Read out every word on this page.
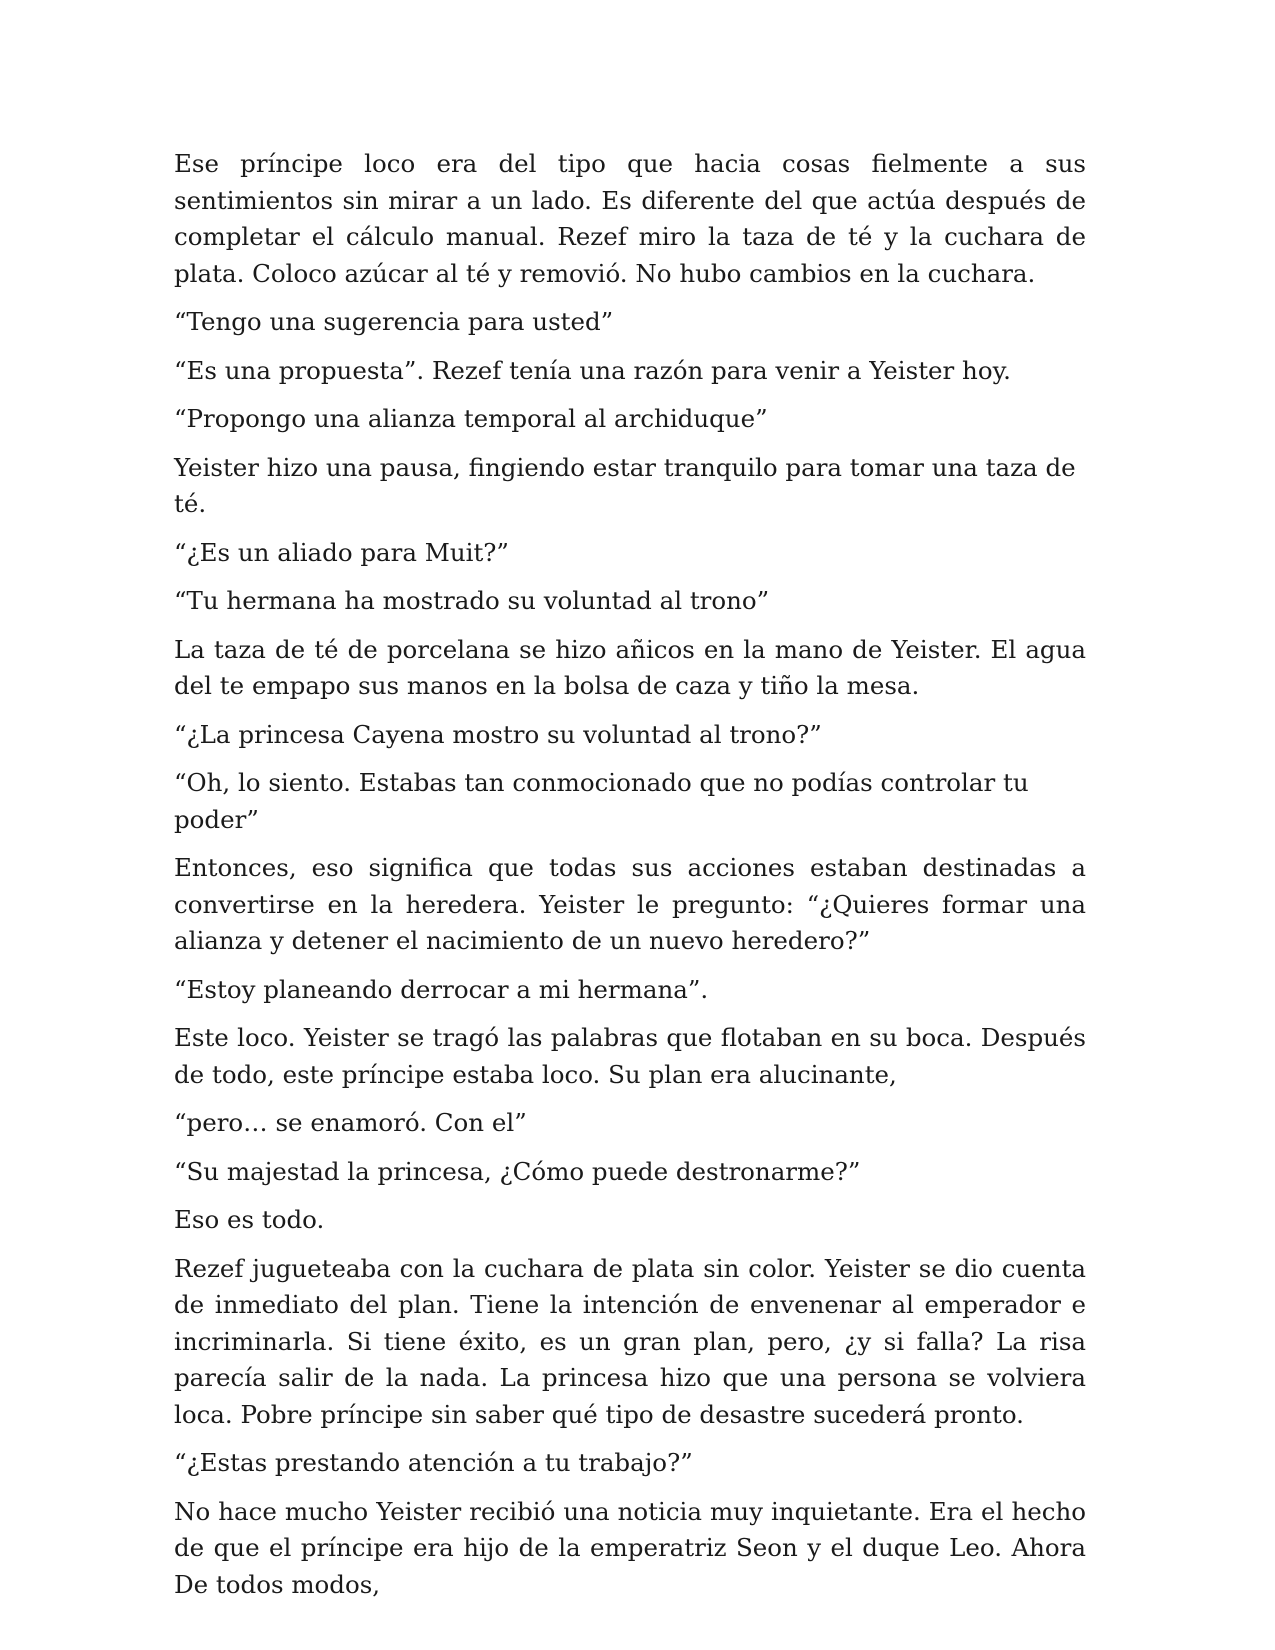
Ese príncipe loco era del tipo que hacia cosas fielmente a sus sentimientos sin mirar a un lado. Es diferente del que actúa después de completar el cálculo manual. Rezef miro la taza de té y la cuchara de plata. Coloco azúcar al té y removió. No hubo cambios en la cuchara.

“Tengo una sugerencia para usted”

“Es una propuesta”. Rezef tenía una razón para venir a Yeister hoy.

“Propongo una alianza temporal al archiduque”

Yeister hizo una pausa, fingiendo estar tranquilo para tomar una taza de té.

“¿Es un aliado para Muit?”

“Tu hermana ha mostrado su voluntad al trono”

La taza de té de porcelana se hizo añicos en la mano de Yeister. El agua del te empapo sus manos en la bolsa de caza y tiño la mesa.

“¿La princesa Cayena mostro su voluntad al trono?”

“Oh, lo siento. Estabas tan conmocionado que no podías controlar tu poder”

Entonces, eso significa que todas sus acciones estaban destinadas a convertirse en la heredera. Yeister le pregunto: “¿Quieres formar una alianza y detener el nacimiento de un nuevo heredero?”

“Estoy planeando derrocar a mi hermana”.

Este loco. Yeister se tragó las palabras que flotaban en su boca. Después de todo, este príncipe estaba loco. Su plan era alucinante,

“pero… se enamoró. Con el”

“Su majestad la princesa, ¿Cómo puede destronarme?”

Eso es todo.

Rezef jugueteaba con la cuchara de plata sin color. Yeister se dio cuenta de inmediato del plan. Tiene la intención de envenenar al emperador e incriminarla. Si tiene éxito, es un gran plan, pero, ¿y si falla? La risa parecía salir de la nada. La princesa hizo que una persona se volviera loca. Pobre príncipe sin saber qué tipo de desastre sucederá pronto.

“¿Estas prestando atención a tu trabajo?”

No hace mucho Yeister recibió una noticia muy inquietante. Era el hecho de que el príncipe era hijo de la emperatriz Seon y el duque Leo. Ahora De todos modos,
